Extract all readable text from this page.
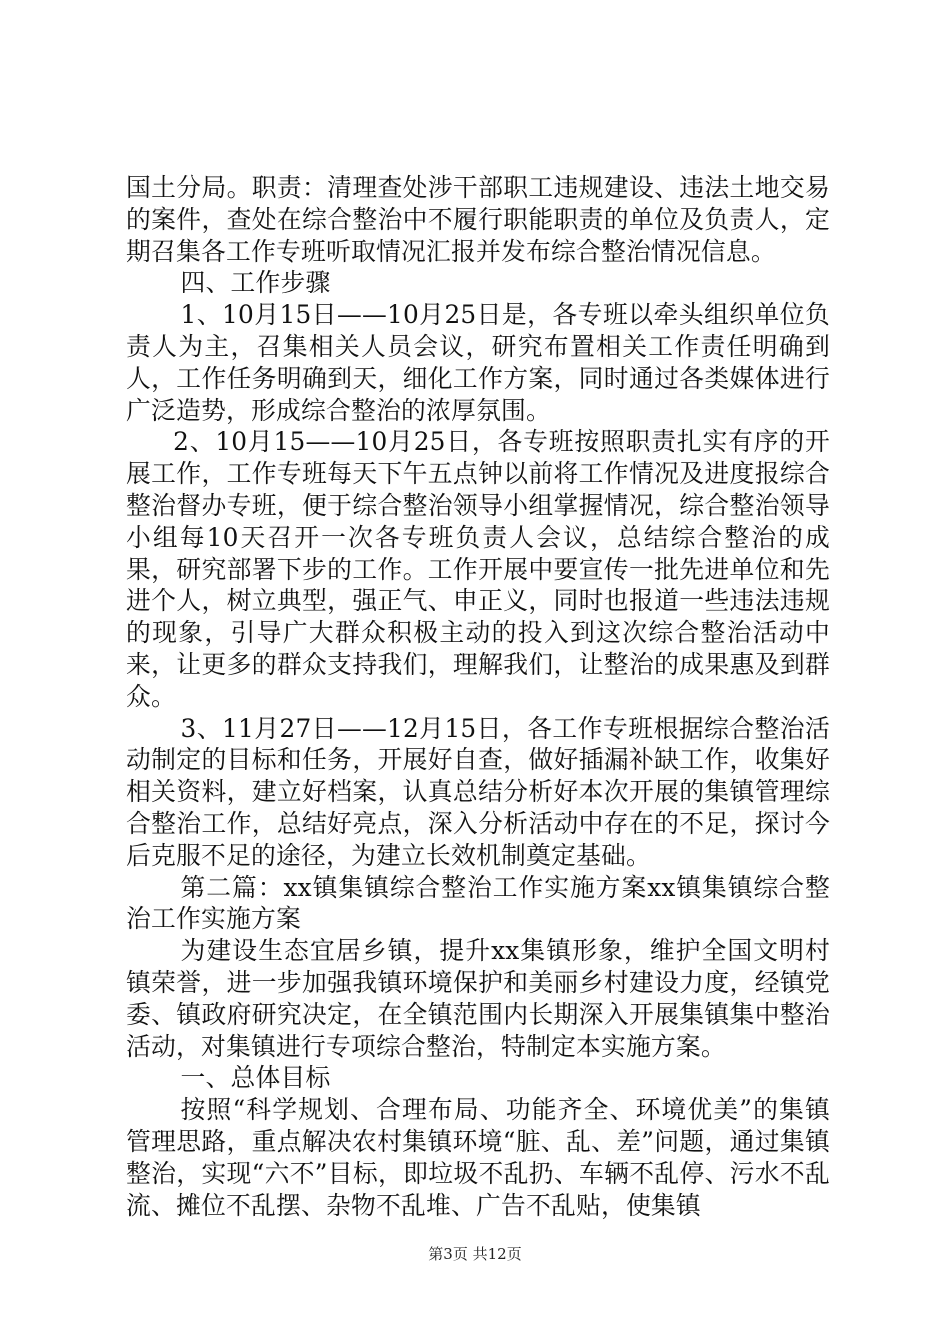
国土分局。职责：清理查处涉干部职工违规建设、违法土地交易的案件，查处在综合整治中不履行职能职责的单位及负责人，定期召集各工作专班听取情况汇报并发布综合整治情况信息。

四、工作步骤

1、10月15日——10月25日是，各专班以牵头组织单位负责人为主，召集相关人员会议，研究布置相关工作责任明确到人，工作任务明确到天，细化工作方案，同时通过各类媒体进行广泛造势，形成综合整治的浓厚氛围。

2、10月15——10月25日，各专班按照职责扎实有序的开展工作，工作专班每天下午五点钟以前将工作情况及进度报综合整治督办专班，便于综合整治领导小组掌握情况，综合整治领导小组每10天召开一次各专班负责人会议，总结综合整治的成果，研究部署下步的工作。工作开展中要宣传一批先进单位和先进个人，树立典型，强正气、申正义，同时也报道一些违法违规的现象，引导广大群众积极主动的投入到这次综合整治活动中来，让更多的群众支持我们，理解我们，让整治的成果惠及到群众。

3、11月27日——12月15日，各工作专班根据综合整治活动制定的目标和任务，开展好自查，做好插漏补缺工作，收集好相关资料，建立好档案，认真总结分析好本次开展的集镇管理综合整治工作，总结好亮点，深入分析活动中存在的不足，探讨今后克服不足的途径，为建立长效机制奠定基础。

第二篇：xx镇集镇综合整治工作实施方案xx镇集镇综合整治工作实施方案

为建设生态宜居乡镇，提升xx集镇形象，维护全国文明村镇荣誉，进一步加强我镇环境保护和美丽乡村建设力度，经镇党委、镇政府研究决定，在全镇范围内长期深入开展集镇集中整治活动，对集镇进行专项综合整治，特制定本实施方案。

一、总体目标

按照“科学规划、合理布局、功能齐全、环境优美”的集镇管理思路，重点解决农村集镇环境“脏、乱、差”问题，通过集镇整治，实现“六不”目标，即垃圾不乱扔、车辆不乱停、污水不乱流、摊位不乱摆、杂物不乱堆、广告不乱贴，使集镇

第3页 共12页
